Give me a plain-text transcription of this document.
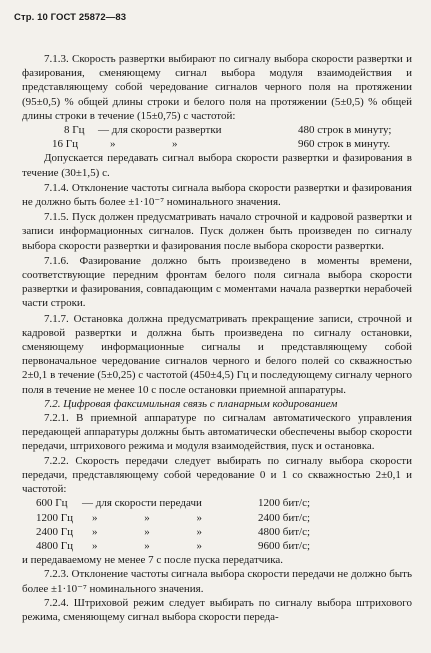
Стр. 10 ГОСТ 25872—83

7.1.3. Скорость развертки выбирают по сигналу выбора скорости развертки и фазирования, сменяющему сигнал выбора модуля взаимодействия и представляющему собой чередование сигналов черного поля на протяжении (95±0,5) % общей длины строки и белого поля на протяжении (5±0,5) % общей длины строки в течение (15±0,75) с частотой:

8 Гц	— для скорости развертки	480 строк в минуту;
16 Гц	»	»	960 строк в минуту.

Допускается передавать сигнал выбора скорости развертки и фазирования в течение (30±1,5) с.

7.1.4. Отклонение частоты сигнала выбора скорости развертки и фазирования не должно быть более ±1·10⁻⁷ номинального значения.

7.1.5. Пуск должен предусматривать начало строчной и кадровой развертки и записи информационных сигналов. Пуск должен быть произведен по сигналу выбора скорости развертки и фазирования после выбора скорости развертки.

7.1.6. Фазирование должно быть произведено в моменты времени, соответствующие передним фронтам белого поля сигнала выбора скорости развертки и фазирования, совпадающим с моментами начала развертки нерабочей части строки.

7.1.7. Остановка должна предусматривать прекращение записи, строчной и кадровой развертки и должна быть произведена по сигналу остановки, сменяющему информационные сигналы и представляющему собой первоначальное чередование сигналов черного и белого полей со скважностью 2±0,1 в течение (5±0,25) с частотой (450±4,5) Гц и последующему сигналу черного поля в течение не менее 10 с после остановки приемной аппаратуры.

7.2. Цифровая факсимильная связь с планарным кодированием

7.2.1. В приемной аппаратуре по сигналам автоматического управления передающей аппаратуры должны быть автоматически обеспечены выбор скорости передачи, штрихового режима и модуля взаимодействия, пуск и остановка.

7.2.2. Скорость передачи следует выбирать по сигналу выбора скорости передачи, представляющему собой чередование 0 и 1 со скважностью 2±0,1 и частотой:

600 Гц	— для скорости передачи	1200 бит/с;
1200 Гц	» » »	2400 бит/с;
2400 Гц	» » »	4800 бит/с;
4800 Гц	» » »	9600 бит/с;

и передаваемому не менее 7 с после пуска передатчика.

7.2.3. Отклонение частоты сигнала выбора скорости передачи не должно быть более ±1·10⁻⁷ номинального значения.

7.2.4. Штриховой режим следует выбирать по сигналу выбора штрихового режима, сменяющему сигнал выбора скорости переда-
